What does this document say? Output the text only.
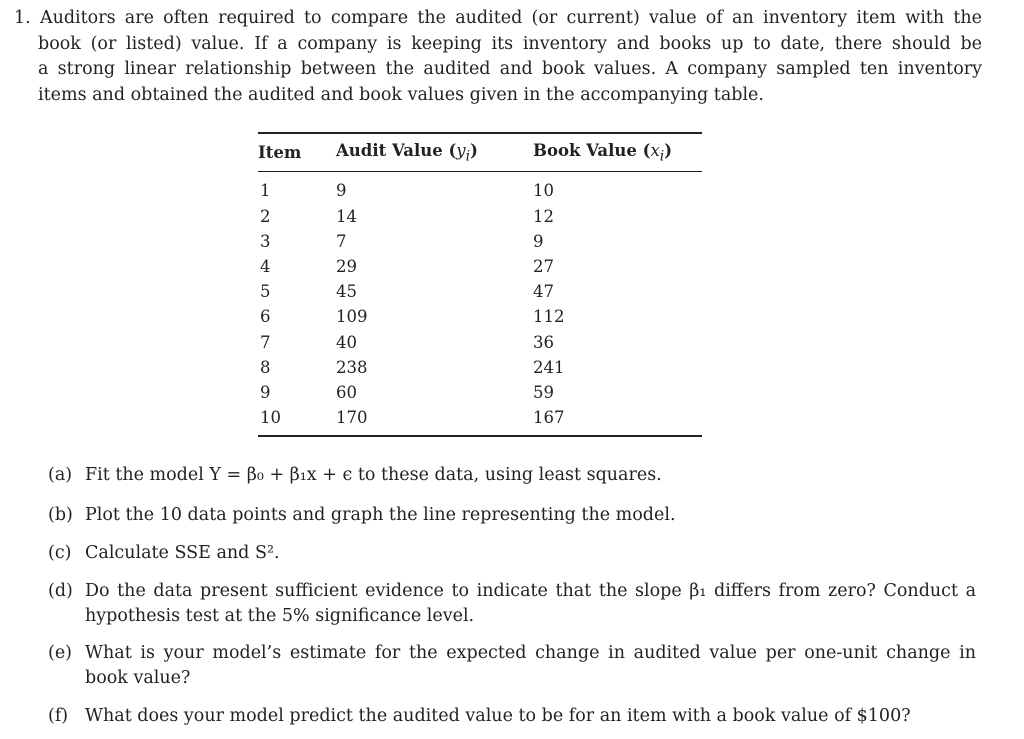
1. Auditors are often required to compare the audited (or current) value of an inventory item with the
book (or listed) value. If a company is keeping its inventory and books up to date, there should be
a strong linear relationship between the audited and book values. A company sampled ten inventory
items and obtained the audited and book values given in the accompanying table.
Item	Audit Value $(y_i)$	Book Value $(x_i)$
1	9	10
2	14	12
3	7	9
4	29	27
5	45	47
6	109	112
7	40	36
8	238	241
9	60	59
10	170	167
(a) Fit the model Y = β₀ + β₁x + ϵ to these data, using least squares.
(b) Plot the 10 data points and graph the line representing the model.
(c) Calculate SSE and S².
(d) Do the data present sufficient evidence to indicate that the slope β₁ differs from zero? Conduct a
hypothesis test at the 5% significance level.
(e) What is your model’s estimate for the expected change in audited value per one-unit change in
book value?
(f) What does your model predict the audited value to be for an item with a book value of $100?
